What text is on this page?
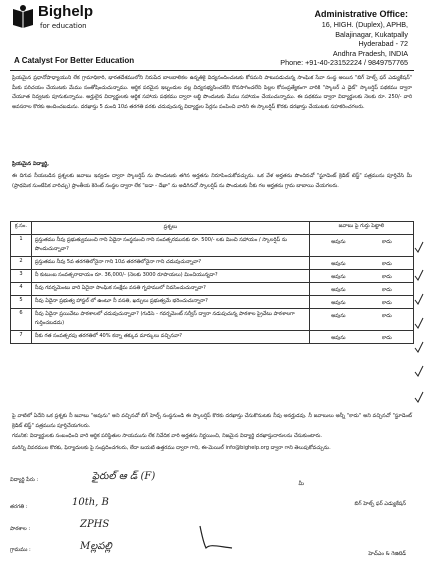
Bighelp
for education
A Catalyst For Better Education
Administrative Office:
16, HIGH. (Duplex), APHB,
Balajinagar, Kukatpally
Hyderabad - 72
Andhra Pradesh, INDIA
Phone: +91-40-23152224 / 9849757765

ప్రియమైన ప్రధానోపాధ్యాయుని లేక గ్రామాధికారి, భారతదేశములోని నిరుపేద బాలబాలికల ఉన్నతికై విద్యనందించుటకు కోసమని పాటుపడుచున్న సాంఘిక సేవా సంస్థ అయిన "బిగ్ హెల్ప్ ఫర్ ఎడ్యుకేషన్" మీకు పరిచయం చేయుటకు మేము సంతోషించుచున్నాము. ఆర్థిక పరమైన ఇబ్బందుల వల్ల విద్యనభ్యసించలేని కొనసాగించలేని పిల్లల కోసంప్రత్యేకంగా వారికి "స్కాలర్ ఎ డైట్" స్కాలర్షిప్ పథకము ద్వారా చేయూత నివ్వటకు పూనుకున్నాము. అర్హులైన విద్యార్థులకు ఆర్థిక సహాయ పథకము ద్వారా లబ్ధి పొందుటకు మేము సహాయం చేయుచున్నాము. ఈ పథకము ద్వారా విద్యార్థులకు నెలకు రూ. 250/- వారి అవసరాల కొరకు అందించబడును. దరఖాస్తు 5 మంది 10వ తరగతి వరకు చదువుచున్న విద్యార్థుల పేర్లను పంపించి వారిని ఈ స్కాలర్షిప్ కొరకు దరఖాస్తు చేయుటకు సహకరించగలరు.

ప్రియమైన విద్యార్థి,

ఈ దిగువ నీయబడిన ప్రశ్నలకు జవాబు ఇవ్వడం ద్వారా స్కాలర్షిప్ ను పొందుటకు తగిన అర్హతను నిరూపించుకోవచ్చును. ఒక వేళ అర్హతను పొందినచో "స్టూడెంట్ క్రెడిట్ టెస్ట్" పత్రమును పూర్తిచేసి మీ (ప్రాథమిక సుంటేపిక వారిచ్చు) ప్రాంతీయ కెరెంట్ సంస్థల ద్వారా లేక "ఐడా - దేఖా" ను అడిగినచో స్కాలర్షిప్ ను పొందుటకు నీకు గల అర్హతను గ్రామ బాబాయి చేయగలరు.

క్ర.సం.	ప్రశ్నలు	జవాబు పై గుర్తు పెట్టాలి
1	ప్రస్తుతము నీవు ప్రభుత్వుముంచి గాని ఏదైనా సంస్థనుంచి గాని సంవత్సరమునకు రూ. 500/- లకు మించి సహాయం / స్కాలర్షిప్ ను పొందుచున్నావా?	అవును కాదు

2	ప్రస్తుతము నీవు 5వ తరగతిలోనైనా గాని 10వ తరగతిలోనైనా గాని చదువుచున్నావా?	అవును కాదు

3	నీ కుటుంబ సంవత్సరాదాయం రూ. 36,000/- (నెలకు 3000 రూపాయలు) మించియున్నదా?	అవును కాదు

4	నీవు గవర్నమెంటు వారి ఏదైనా సాంఘిక సంక్షేమ వసతి గృహములో నివసించుచున్నావా?	అవును కాదు

5	నీవు ఏదైనా ప్రభుత్వ హాస్టల్ లో ఉంటూ నీ వసతి, ఖర్చులు ప్రభుత్వమే భరించుచున్నారా?	అవును కాదు

6	నీవు ఏదైనా ప్రయివేటు పాఠశాలలో చదువుచున్నావా? (గుడిసె - గవర్నమెంట్ సర్వీస్ ద్వారా నడుపుచున్న పాఠశాల ప్రైవేటు పాఠశాలగా గుర్తించబడదు)	అవును కాదు

7	నీకు గత సంవత్సరపు తరగతిలో 40% కన్నా తక్కువ మార్కులు వచ్చినవా?	అవును కాదు

పై వాటిలో ఏదేని ఒక ప్రశ్నకు నీ జవాబు "అవును" అని వచ్చినచో బిగ్ హెల్ప్ సంస్థనుండి ఈ స్కాలర్షిప్ కొరకు దరఖాస్తు చేసుకొనుటకు నీవు అనర్హుడవు. నీ జవాబులు అన్నీ "కాదు" అని వచ్చినచో "స్టూడెంట్ క్రెడిట్ టెస్ట్" పత్రమును పూర్తిచేయగలరు.

గమనిక: విద్యార్థులకు సంబంధించి వారి ఆర్థిక పరిస్థితుల సాయమును లేక నివేదిక వారి అర్హతను నిర్ణయించి, నిజమైన విద్యార్థి దరఖాస్తుదారులను చేసుకుంటారు.

మరిన్ని వివరముల కొరకు, ఫిర్యాదులకు పై సంప్రదించగలరు, లేదా బయటి ఉత్తరము ద్వారా గాని, ఈ-మెయిల్ info@bighelp.org ద్వారా గాని తెలుపుకోవచ్చును.

విద్యార్థి పేరు :	ఫైరుల్ ఆ డ్ (F)
తరగతి :	10th, B
పాఠశాల :	ZPHS
గ్రామము :	Mల్లపల్లి
మీ
బిగ్ హెల్ప్ ఫర్ ఎడ్యుకేషన్
హెచ్ఎం & గెజిటెడ్
